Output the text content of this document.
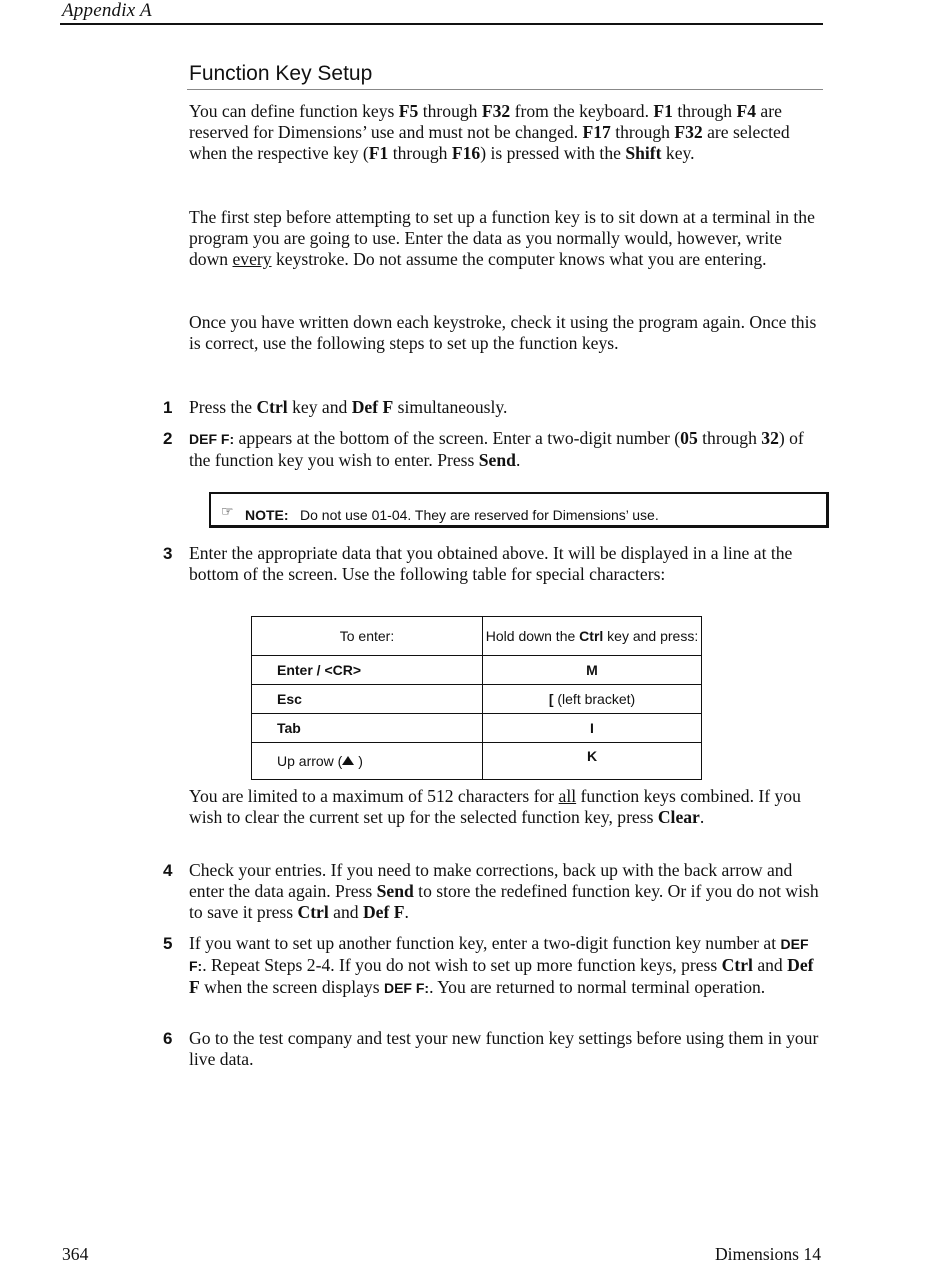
Appendix A
Function Key Setup
You can define function keys F5 through F32 from the keyboard. F1 through F4 are reserved for Dimensions’ use and must not be changed. F17 through F32 are selected when the respective key (F1 through F16) is pressed with the Shift key.
The first step before attempting to set up a function key is to sit down at a terminal in the program you are going to use. Enter the data as you normally would, however, write down every keystroke. Do not assume the computer knows what you are entering.
Once you have written down each keystroke, check it using the program again. Once this is correct, use the following steps to set up the function keys.
1 Press the Ctrl key and Def F simultaneously.
2 DEF F: appears at the bottom of the screen. Enter a two-digit number (05 through 32) of the function key you wish to enter. Press Send.
☞ NOTE: Do not use 01-04. They are reserved for Dimensions’ use.
3 Enter the appropriate data that you obtained above. It will be displayed in a line at the bottom of the screen. Use the following table for special characters:
To enter:	Hold down the Ctrl key and press:
Enter / <CR>	M
Esc	[ (left bracket)
Tab	I
Up arrow ( )	K
You are limited to a maximum of 512 characters for all function keys combined. If you wish to clear the current set up for the selected function key, press Clear.
4 Check your entries. If you need to make corrections, back up with the back arrow and enter the data again. Press Send to store the redefined function key. Or if you do not wish to save it press Ctrl and Def F.
5 If you want to set up another function key, enter a two-digit function key number at DEF F:. Repeat Steps 2-4. If you do not wish to set up more function keys, press Ctrl and Def F when the screen displays DEF F:. You are returned to normal terminal operation.
6 Go to the test company and test your new function key settings before using them in your live data.
364	Dimensions 14
